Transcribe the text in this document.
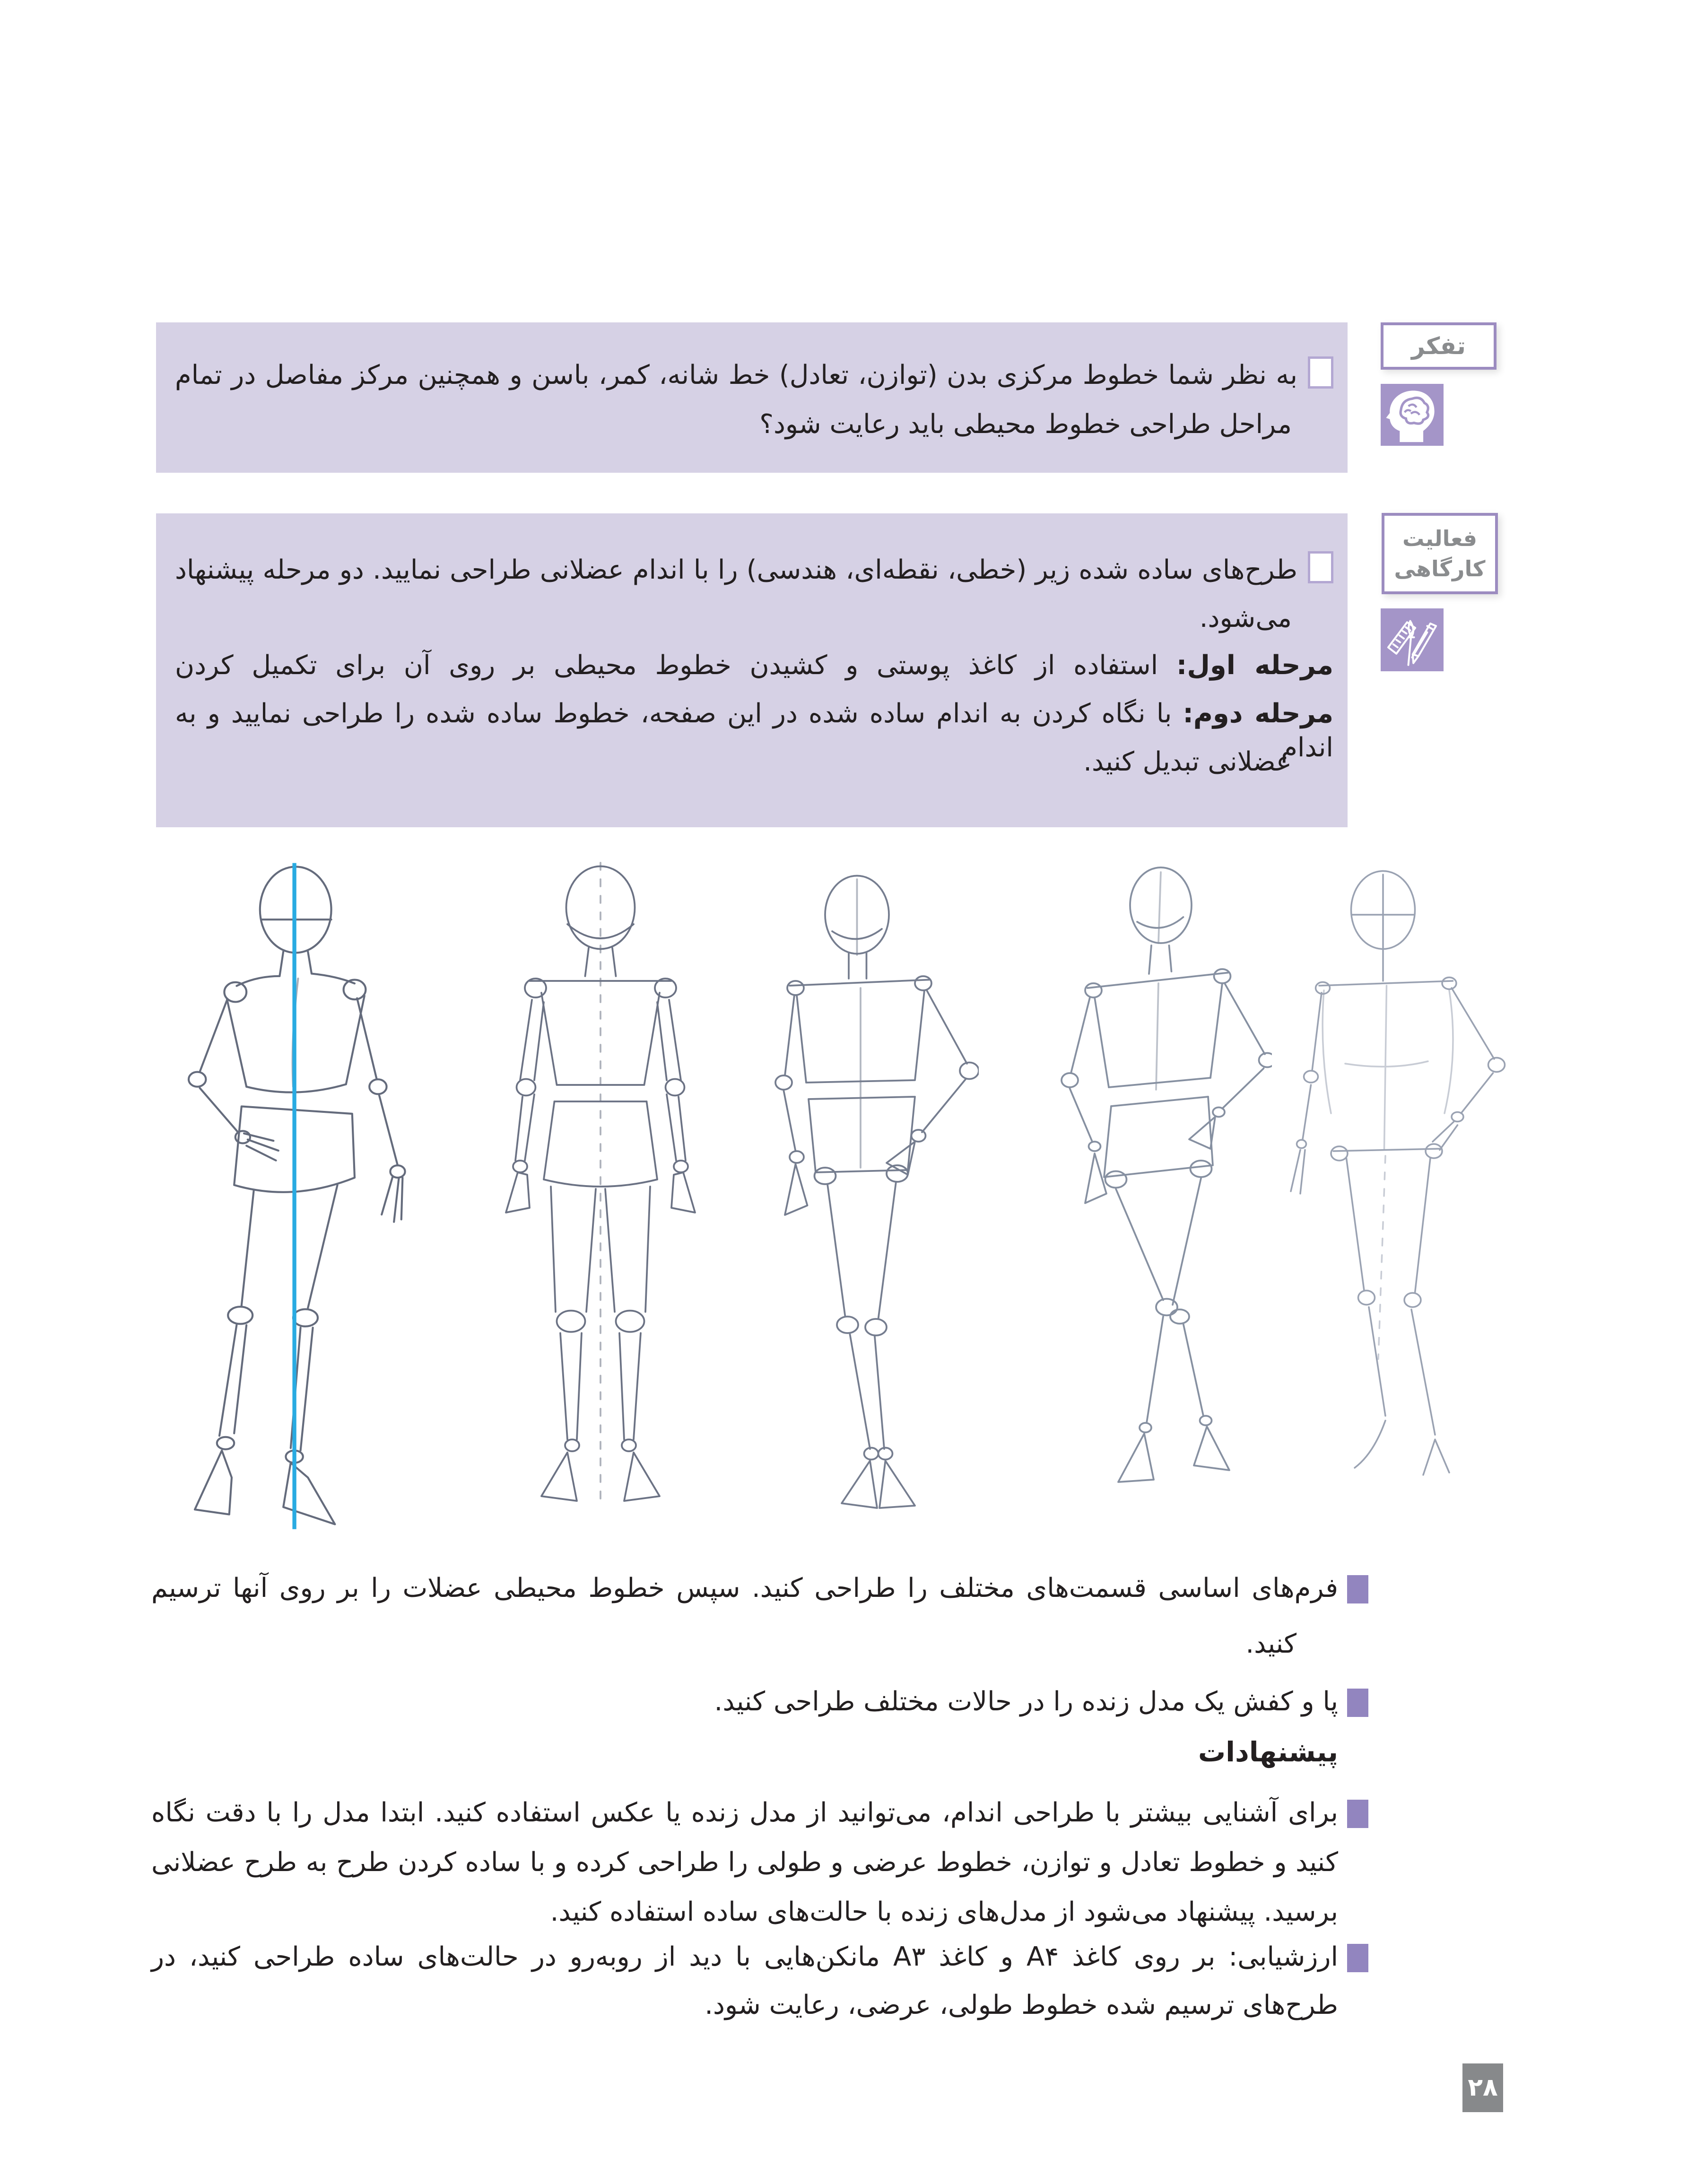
به نظر شما خطوط مرکزی بدن (توازن، تعادل) خط شانه، کمر، باسن و همچنین مرکز مفاصل در تمام
مراحل طراحی خطوط محیطی باید رعایت شود؟
تفکر
طرح‌های ساده شده زیر (خطی، نقطه‌ای، هندسی) را با اندام عضلانی طراحی نمایید. دو مرحله پیشنهاد
می‌شود.
مرحله اول: استفاده از کاغذ پوستی و کشیدن خطوط محیطی بر روی آن برای تکمیل کردن
مرحله دوم: با نگاه کردن به اندام ساده شده در این صفحه، خطوط ساده شده را طراحی نمایید و به اندام
عضلانی تبدیل کنید.
فعالیت
کارگاهی
فرم‌های اساسی قسمت‌های مختلف را طراحی کنید. سپس خطوط محیطی عضلات را بر روی آنها ترسیم
کنید.
پا و کفش یک مدل زنده را در حالات مختلف طراحی کنید.
پیشنهادات
برای آشنایی بیشتر با طراحی اندام، می‌توانید از مدل زنده یا عکس استفاده کنید. ابتدا مدل را با دقت نگاه
کنید و خطوط تعادل و توازن، خطوط عرضی و طولی را طراحی کرده و با ساده کردن طرح به طرح عضلانی
برسید. پیشنهاد می‌شود از مدل‌های زنده با حالت‌های ساده استفاده کنید.
ارزشیابی: بر روی کاغذ A۴ و کاغذ A۳ مانکن‌هایی با دید از روبه‌رو در حالت‌های ساده طراحی کنید، در
طرح‌های ترسیم شده خطوط طولی، عرضی، رعایت شود.
۲۸
